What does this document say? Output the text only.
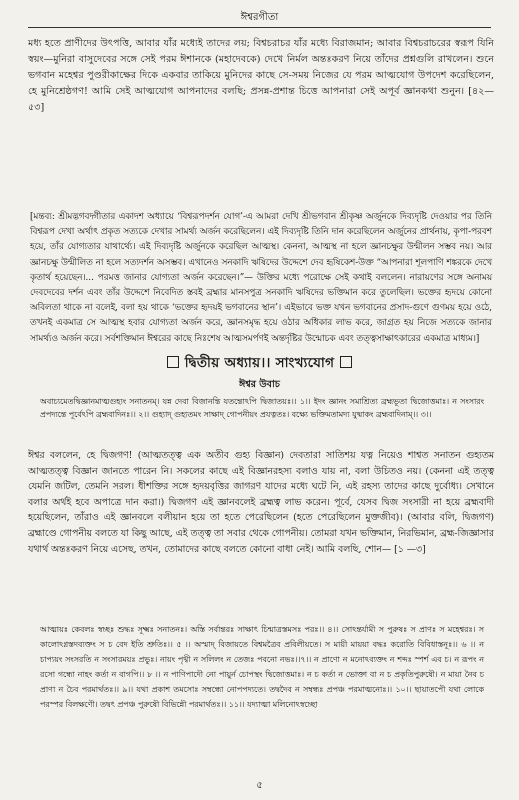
ঈশ্বরগীতা

মধ্য হতে প্রাণীদের উৎপত্তি, আবার যাঁর মধ্যেই তাদের লয়; বিশ্বচরাচর যাঁর মধ্যে বিরাজমান; আবার বিশ্বচরাচরের স্বরূপ যিনি স্বয়ং—মুনিরা বাসুদেবের সঙ্গে সেই পরম ঈশানকে (মহাদেবকে) দেখে নির্মল অন্তঃকরণ নিয়ে তাঁদের প্রশ্নগুলি রাখলেন। শুনে ভগবান মহেশ্বর পুণ্ডরীকাক্ষের দিকে একবার তাকিয়ে মুনিদের কাছে সে-সময় নিজের যে পরম আত্মযোগ উপদেশ করেছিলেন, হে মুনিশ্রেষ্ঠগণ! আমি সেই আত্মযোগ আপনাদের বলছি; প্রসন্ন-প্রশান্ত চিত্তে আপনারা সেই অপূর্ব জ্ঞানকথা শুনুন। [৪২—৫৩]

[মন্তব্য: শ্রীমদ্ভগবদ্গীতার একাদশ অধ্যায়ে ‘বিশ্বরূপদর্শন যোগ’-এ আমরা দেখি শ্রীভগবান শ্রীকৃষ্ণ অর্জুনকে দিব্যদৃষ্টি দেওয়ার পর তিনি বিশ্বরূপ দেখা অর্থাৎ প্রকৃত সত্যকে দেখার সামর্থ্য অর্জন করেছিলেন। এই দিব্যদৃষ্টি তিনি দান করেছিলেন অর্জুনের প্রার্থনায়, কৃপা-পরবশ হয়ে, তাঁর যোগ্যতার যাথার্থ্যে। এই দিব্যদৃষ্টি অর্জুনকে করেছিল আত্মস্থ। কেননা, আত্মস্থ না হলে জ্ঞানচক্ষুর উন্মীলন সম্ভব নয়। আর জ্ঞানচক্ষু উন্মীলিত না হলে সত্যদর্শন অসম্ভব। এখানেও সনকাদি ঋষিদের উদ্দেশে দেব হৃষিকেশ-উক্ত “আপনারা শূলপাণি শঙ্করকে দেখে কৃতার্থ হয়েছেন।... পরমত্ত জানার যোগ্যতা অর্জন করেছেন।”— উক্তির মধ্যে পরোক্ষে সেই কথাই বললেন। নারায়ণের সঙ্গে অনাময় দেবদেবের দর্শন এবং তাঁর উদ্দেশে নিবেদিত স্তবই ব্রহ্মার মানসপুত্র সনকাদি ঋষিদের ভক্তিমান করে তুলেছিল। ভক্তের হৃদয়ে কোনো অবিলতা থাকে না বলেই, বলা হয় থাকে ‘ভক্তের হৃদয়ই ভগবানের স্থান’। এইভাবে ভক্ত যখন ভগবানের প্রসাদ-গুণে গুণময় হয়ে ওঠে, তখনই একমাত্র সে আত্মস্থ হবার যোগ্যতা অর্জন করে, জ্ঞানসমৃদ্ধ হয়ে ওঠার অধিকার লাভ করে, জাগ্রত হয় নিজে সত্যকে জানার সামর্থ্যও অর্জন করে। সর্বশক্তিমান ঈশ্বরের কাছে নিঃশেষ আত্মসমর্পণই অন্তর্দৃষ্টির উন্মোচক এবং তত্ত্বসাক্ষাৎকারের একমাত্র মাধ্যম।]

দ্বিতীয় অধ্যায়।। সাংখ্যযোগ
ঈশ্বর উবাচ

অবাচ্যমেতদ্বিজ্ঞানমাত্মগুহ্যং সনাতনম্। যন্ন দেবা বিজানন্তি যতন্তোঽপি দ্বিজাতয়ঃ।। ১।। ইদং জ্ঞানং সমাশ্রিত্য ব্রহ্মভূতা দ্বিজোত্তমাঃ। ন সংসারং প্রপদ্যন্তে পূর্বেঽপি ব্রহ্মবাদিনঃ।। ২।। গুহ্যাদ্ গুহ্যতমং সাক্ষাদ্ গোপনীয়ং প্রযত্নতঃ। বক্ষ্যে ভক্তিমতামদ্য যুষ্মাকং ব্রহ্মবাদিনাম্।। ৩।।

ঈশ্বর বললেন, হে দ্বিজগণ! (আত্মতত্ত্ব এক অতীব গুহ্য বিজ্ঞান) দেবতারা সাতিশয় যত্ন নিয়েও শাশ্বত সনাতন গুহ্যতম আত্মতত্ত্ব বিজ্ঞান জানতে পারেন নি। সকলের কাছে এই বিজ্ঞানরহস্য বলাও যায় না, বলা উচিতও নয়। (কেননা এই তত্ত্ব যেমনি জটিল, তেমনি সরল। ধীশক্তির সঙ্গে হৃদয়বৃত্তির জাগরণ যাদের মধ্যে ঘটে নি, এই রহস্য তাদের কাছে দুর্বোধ্য। সেখানে বলার অর্থই হবে অপাত্রে দান করা।) দ্বিজগণ এই জ্ঞানবলেই ব্রহ্মত্ব লাভ করেন। পূর্বে, যেসব দ্বিজ সংসারী না হয়ে ব্রহ্মবাদী হয়েছিলেন, তাঁরাও এই জ্ঞানবলে বলীয়ান হয়ে তা হতে পেরেছিলেন (হতে পেরেছিলেন মুক্তজীব)। (আবার বলি, দ্বিজগণ) ব্রহ্মাণ্ডে গোপনীয় বলতে যা কিছু আছে, এই তত্ত্ব তা সবার থেকে গোপনীয়। তোমরা যখন ভক্তিমান, নিরভিমান, ব্রহ্ম-জিজ্ঞাসার যথার্থ অন্তঃকরণ নিয়ে এসেছ, তখন, তোমাদের কাছে বলতে কোনো বাধা নেই। আমি বলছি, শোন— [১ —৩]

আত্মায়ঃ কেবলঃ স্বচ্ছঃ শুদ্ধঃ সূক্ষ্মঃ সনাতনঃ। অস্তি সর্বান্তরঃ সাক্ষাৎ চিন্মাত্রস্তমসঃ পরঃ।। ৪।। সোঽন্তর্যামী স পুরুষঃ স প্রাণঃ স মহেশ্বরঃ। স কালোঽগ্নস্তদব্যক্তং স চ বেদ ইতি শ্রুতিঃ।। ৫ ।। অস্মাদ্ বিজায়তে বিশ্বমত্রৈব প্রবিলীয়তে। স মায়ী মায়য়া বদ্ধঃ করোতি বিবিধাস্তনূঃ।। ৬ ।। ন চাপ্যয়ং সংসরতি ন সংসারময়ঃ প্রভুঃ। নায়ং পৃথ্বী ন সলিলং ন তেজঃ পবনো নভঃ।।৭।। ন প্রাণো ন মনোঽব্যক্তং ন শব্দঃ স্পর্শ এব চ। ন রূপং ন রসো গন্ধো নাহং কর্তা ন বাগপি।। ৮ ।। ন পাণিপাদৌ নো পায়ুর্ন চোপস্থং দ্বিজোত্তমাঃ। ন চ কর্তা ন ভোক্তা বা ন চ প্রকৃতিপুরুষৌ। ন মায়া নৈব চ প্রাণা ন চৈব পরমার্থতঃ।। ৯।। যথা প্রকাশ তমসোঃ সম্বন্ধো নোপপদ্যতে। তদ্বদৈব ন সম্বন্ধঃ প্রপঞ্চ পরমাত্মনোঃ।। ১০।। ছায়াতপৌ যথা লোকে পরস্পর বিলক্ষণৌ। তদ্বৎ প্রপঞ্চ পুরুষৌ বিভিন্নৌ পরমার্থতঃ।। ১১।। যদ্যাত্মা মলিনোঽস্বচ্ছো

৫
